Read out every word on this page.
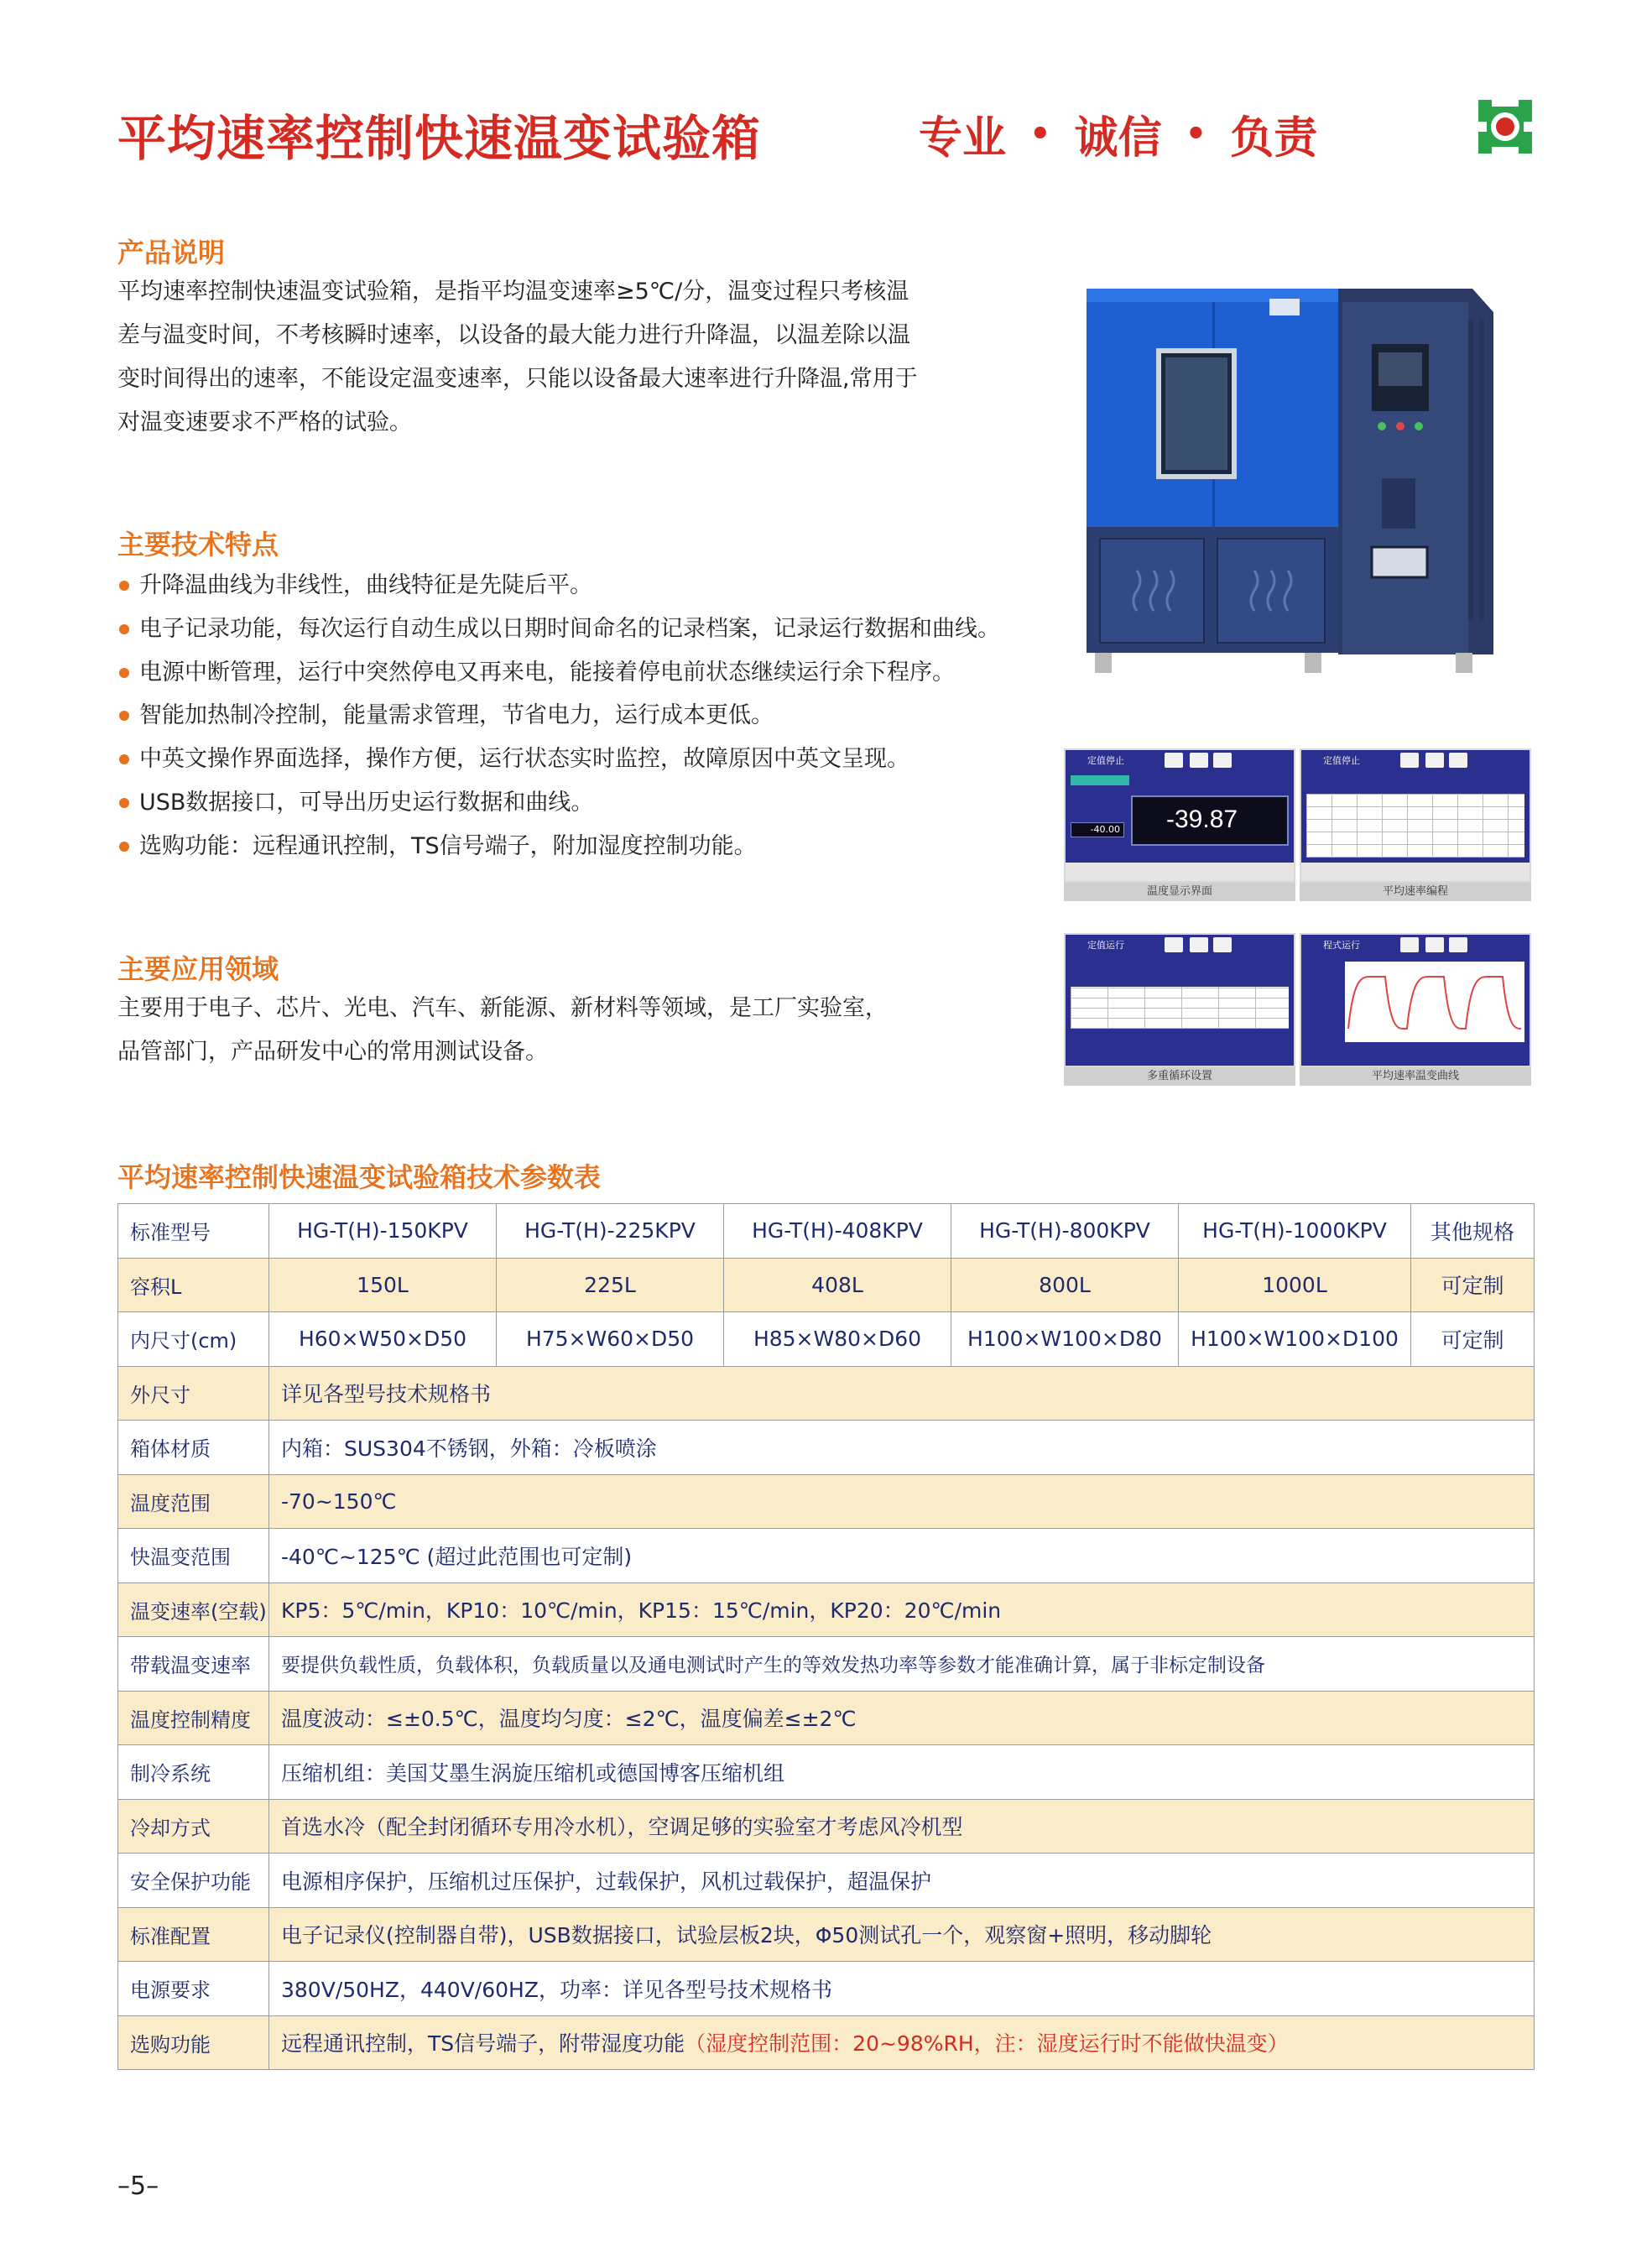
平均速率控制快速温变试验箱	专业 • 诚信 • 负责
产品说明
平均速率控制快速温变试验箱，是指平均温变速率≥5℃/分，温变过程只考核温
差与温变时间，不考核瞬时速率，以设备的最大能力进行升降温，以温差除以温
变时间得出的速率，不能设定温变速率，只能以设备最大速率进行升降温,常用于
对温变速要求不严格的试验。
主要技术特点
升降温曲线为非线性，曲线特征是先陡后平。
电子记录功能，每次运行自动生成以日期时间命名的记录档案，记录运行数据和曲线。
电源中断管理，运行中突然停电又再来电，能接着停电前状态继续运行余下程序。
智能加热制冷控制，能量需求管理，节省电力，运行成本更低。
中英文操作界面选择，操作方便，运行状态实时监控，故障原因中英文呈现。
USB数据接口，可导出历史运行数据和曲线。
选购功能：远程通讯控制，TS信号端子，附加湿度控制功能。
主要应用领域
主要用于电子、芯片、光电、汽车、新能源、新材料等领域，是工厂实验室，
品管部门，产品研发中心的常用测试设备。
定值停止
-39.87
-40.00
温度显示界面
定值停止
平均速率编程
定值运行
多重循环设置
程式运行
平均速率温变曲线
平均速率控制快速温变试验箱技术参数表
标准型号	HG-T(H)-150KPV	HG-T(H)-225KPV	HG-T(H)-408KPV	HG-T(H)-800KPV	HG-T(H)-1000KPV	其他规格
容积L	150L	225L	408L	800L	1000L	可定制
内尺寸(cm)	H60×W50×D50	H75×W60×D50	H85×W80×D60	H100×W100×D80	H100×W100×D100	可定制
外尺寸	详见各型号技术规格书					
箱体材质	内箱：SUS304不锈钢，外箱：冷板喷涂					
温度范围	-70~150℃					
快温变范围	-40℃~125℃ (超过此范围也可定制)					
温变速率(空载)	KP5：5℃/min，KP10：10℃/min，KP15：15℃/min，KP20：20℃/min					
带载温变速率	要提供负载性质，负载体积，负载质量以及通电测试时产生的等效发热功率等参数才能准确计算，属于非标定制设备					
温度控制精度	温度波动：≤±0.5℃，温度均匀度：≤2℃，温度偏差≤±2℃					
制冷系统	压缩机组：美国艾墨生涡旋压缩机或德国博客压缩机组					
冷却方式	首选水冷（配全封闭循环专用冷水机），空调足够的实验室才考虑风冷机型					
安全保护功能	电源相序保护，压缩机过压保护，过载保护，风机过载保护，超温保护					
标准配置	电子记录仪(控制器自带)，USB数据接口，试验层板2块，Φ50测试孔一个，观察窗+照明，移动脚轮					
电源要求	380V/50HZ，440V/60HZ，功率：详见各型号技术规格书					
选购功能	远程通讯控制，TS信号端子，附带湿度功能（湿度控制范围：20~98%RH，注：湿度运行时不能做快温变）					
–5–
